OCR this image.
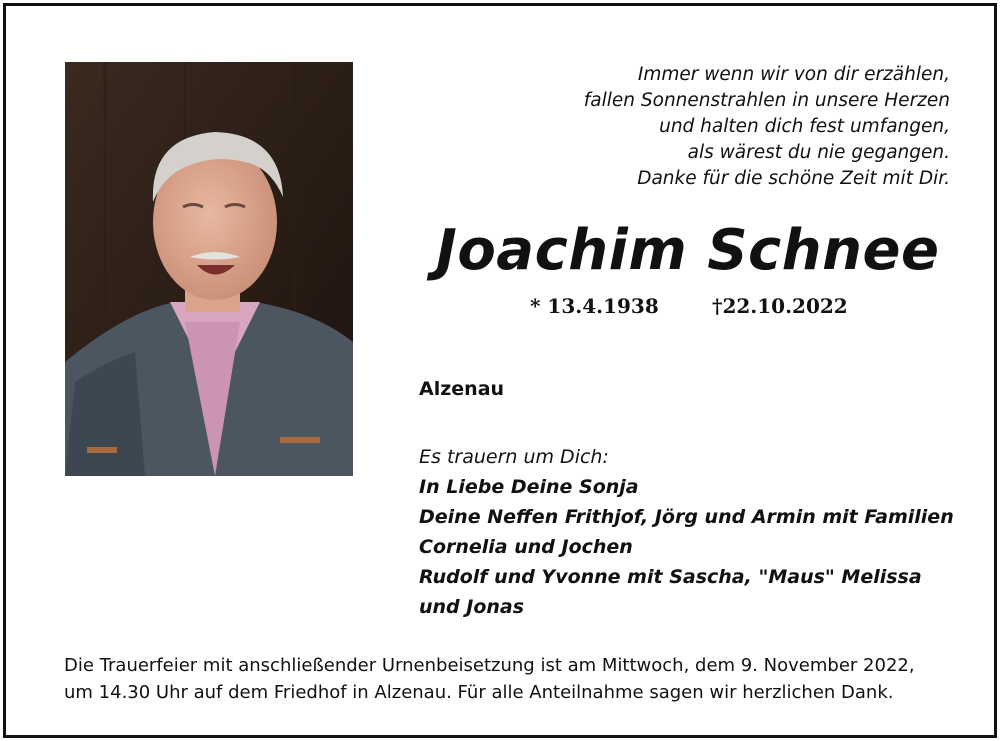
Immer wenn wir von dir erzählen,
fallen Sonnenstrahlen in unsere Herzen
und halten dich fest umfangen,
als wärest du nie gegangen.
Danke für die schöne Zeit mit Dir.
Joachim Schnee
* 13.4.1938	†22.10.2022
Alzenau
Es trauern um Dich:
In Liebe Deine Sonja
Deine Neffen Frithjof, Jörg und Armin mit Familien
Cornelia und Jochen
Rudolf und Yvonne mit Sascha, "Maus" Melissa
und Jonas
Die Trauerfeier mit anschließender Urnenbeisetzung ist am Mittwoch, dem 9. November 2022,
um 14.30 Uhr auf dem Friedhof in Alzenau. Für alle Anteilnahme sagen wir herzlichen Dank.
